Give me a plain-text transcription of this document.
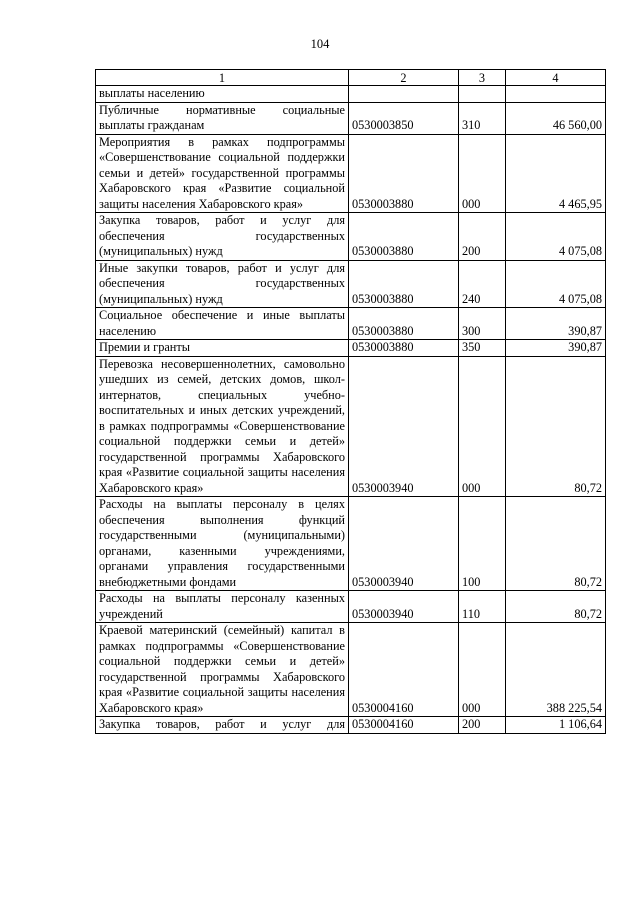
104
1	2	3	4
выплаты населению			
Публичные нормативные социальные выплаты гражданам	0530003850	310	46 560,00
Мероприятия в рамках подпрограммы «Совершенствование социальной поддержки семьи и детей» государственной программы Хабаровского края «Развитие социальной защиты населения Хабаровского края»	0530003880	000	4 465,95
Закупка товаров, работ и услуг для обеспечения государственных (муниципальных) нужд	0530003880	200	4 075,08
Иные закупки товаров, работ и услуг для обеспечения государственных (муниципальных) нужд	0530003880	240	4 075,08
Социальное обеспечение и иные выплаты населению	0530003880	300	390,87
Премии и гранты	0530003880	350	390,87
Перевозка несовершеннолетних, самовольно ушедших из семей, детских домов, школ-интернатов, специальных учебно-воспитательных и иных детских учреждений, в рамках подпрограммы «Совершенствование социальной поддержки семьи и детей» государственной программы Хабаровского края «Развитие социальной защиты населения Хабаровского края»	0530003940	000	80,72
Расходы на выплаты персоналу в целях обеспечения выполнения функций государственными (муниципальными) органами, казенными учреждениями, органами управления государственными внебюджетными фондами	0530003940	100	80,72
Расходы на выплаты персоналу казенных учреждений	0530003940	110	80,72
Краевой материнский (семейный) капитал в рамках подпрограммы «Совершенствование социальной поддержки семьи и детей» государственной программы Хабаровского края «Развитие социальной защиты населения Хабаровского края»	0530004160	000	388 225,54
Закупка товаров, работ и услуг для	0530004160	200	1 106,64
